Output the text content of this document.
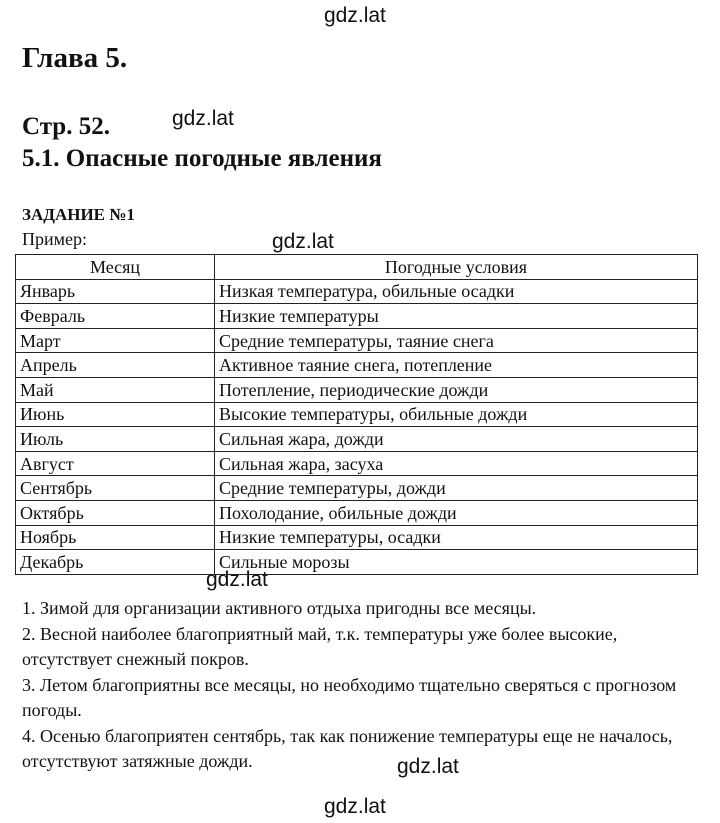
gdz.lat
gdz.lat
gdz.lat
gdz.lat
gdz.lat
gdz.lat
Глава 5.
Стр. 52.
5.1. Опасные погодные явления
ЗАДАНИЕ №1
Пример:
Месяц	Погодные условия
Январь	Низкая температура, обильные осадки
Февраль	Низкие температуры
Март	Средние температуры, таяние снега
Апрель	Активное таяние снега, потепление
Май	Потепление, периодические дожди
Июнь	Высокие температуры, обильные дожди
Июль	Сильная жара, дожди
Август	Сильная жара, засуха
Сентябрь	Средние температуры, дожди
Октябрь	Похолодание, обильные дожди
Ноябрь	Низкие температуры, осадки
Декабрь	Сильные морозы

1. Зимой для организации активного отдыха пригодны все месяцы.

2. Весной наиболее благоприятный май, т.к. температуры уже более высокие, отсутствует снежный покров.

3. Летом благоприятны все месяцы, но необходимо тщательно сверяться с прогнозом погоды.

4. Осенью благоприятен сентябрь, так как понижение температуры еще не началось, отсутствуют затяжные дожди.
